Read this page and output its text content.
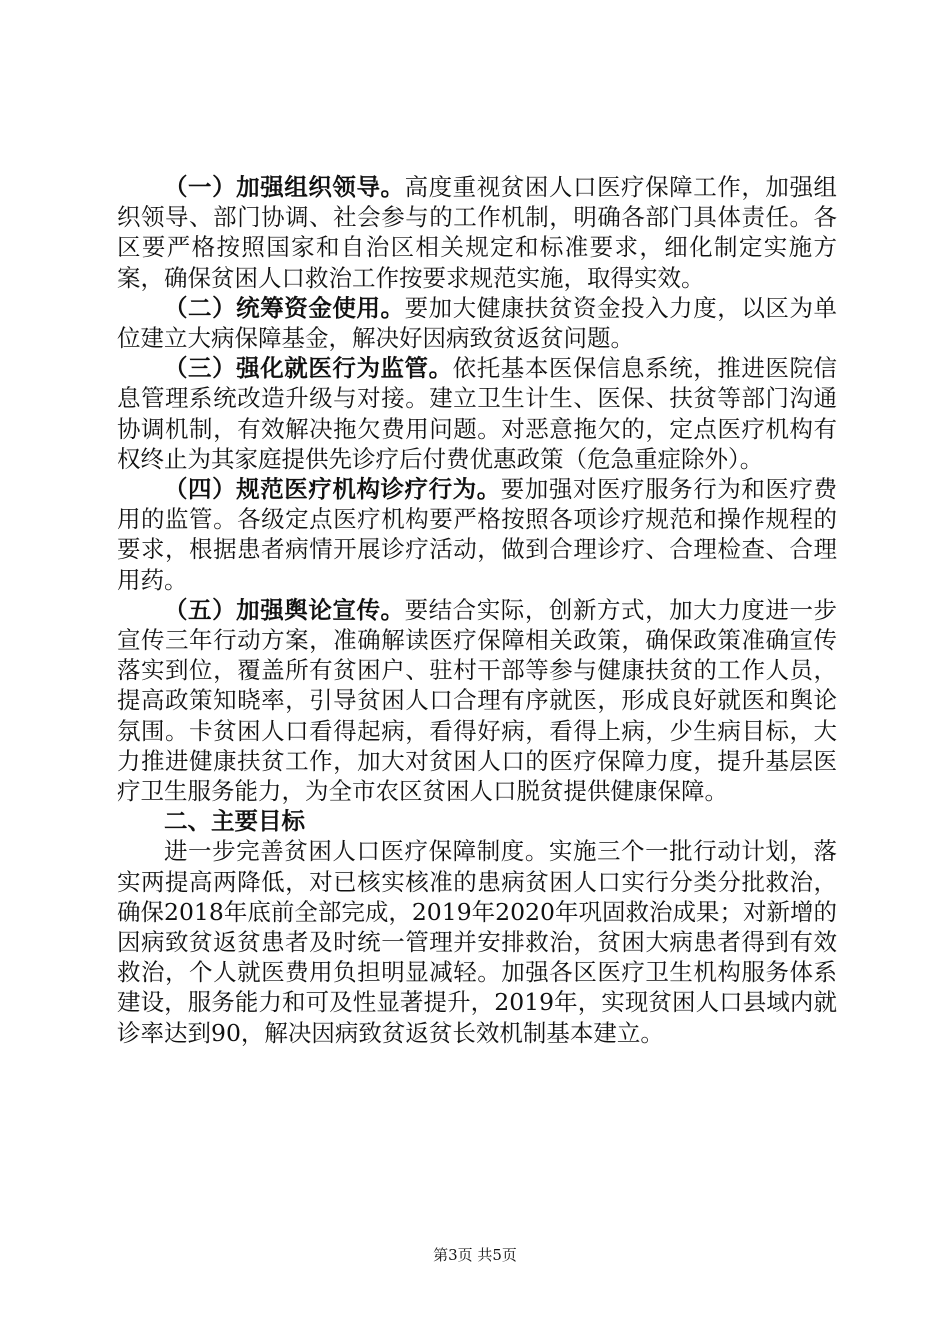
（一）加强组织领导。高度重视贫困人口医疗保障工作，加强组织领导、部门协调、社会参与的工作机制，明确各部门具体责任。各区要严格按照国家和自治区相关规定和标准要求，细化制定实施方案，确保贫困人口救治工作按要求规范实施，取得实效。

（二）统筹资金使用。要加大健康扶贫资金投入力度，以区为单位建立大病保障基金，解决好因病致贫返贫问题。

（三）强化就医行为监管。依托基本医保信息系统，推进医院信息管理系统改造升级与对接。建立卫生计生、医保、扶贫等部门沟通协调机制，有效解决拖欠费用问题。对恶意拖欠的，定点医疗机构有权终止为其家庭提供先诊疗后付费优惠政策（危急重症除外）。

（四）规范医疗机构诊疗行为。要加强对医疗服务行为和医疗费用的监管。各级定点医疗机构要严格按照各项诊疗规范和操作规程的要求，根据患者病情开展诊疗活动，做到合理诊疗、合理检查、合理用药。

（五）加强舆论宣传。要结合实际，创新方式，加大力度进一步宣传三年行动方案，准确解读医疗保障相关政策，确保政策准确宣传落实到位，覆盖所有贫困户、驻村干部等参与健康扶贫的工作人员，提高政策知晓率，引导贫困人口合理有序就医，形成良好就医和舆论氛围。卡贫困人口看得起病，看得好病，看得上病，少生病目标，大力推进健康扶贫工作，加大对贫困人口的医疗保障力度，提升基层医疗卫生服务能力，为全市农区贫困人口脱贫提供健康保障。

二、主要目标

进一步完善贫困人口医疗保障制度。实施三个一批行动计划，落实两提高两降低，对已核实核准的患病贫困人口实行分类分批救治，确保2018年底前全部完成，2019年2020年巩固救治成果；对新增的因病致贫返贫患者及时统一管理并安排救治，贫困大病患者得到有效救治，个人就医费用负担明显减轻。加强各区医疗卫生机构服务体系建设，服务能力和可及性显著提升，2019年，实现贫困人口县域内就诊率达到90，解决因病致贫返贫长效机制基本建立。

第3页 共5页
